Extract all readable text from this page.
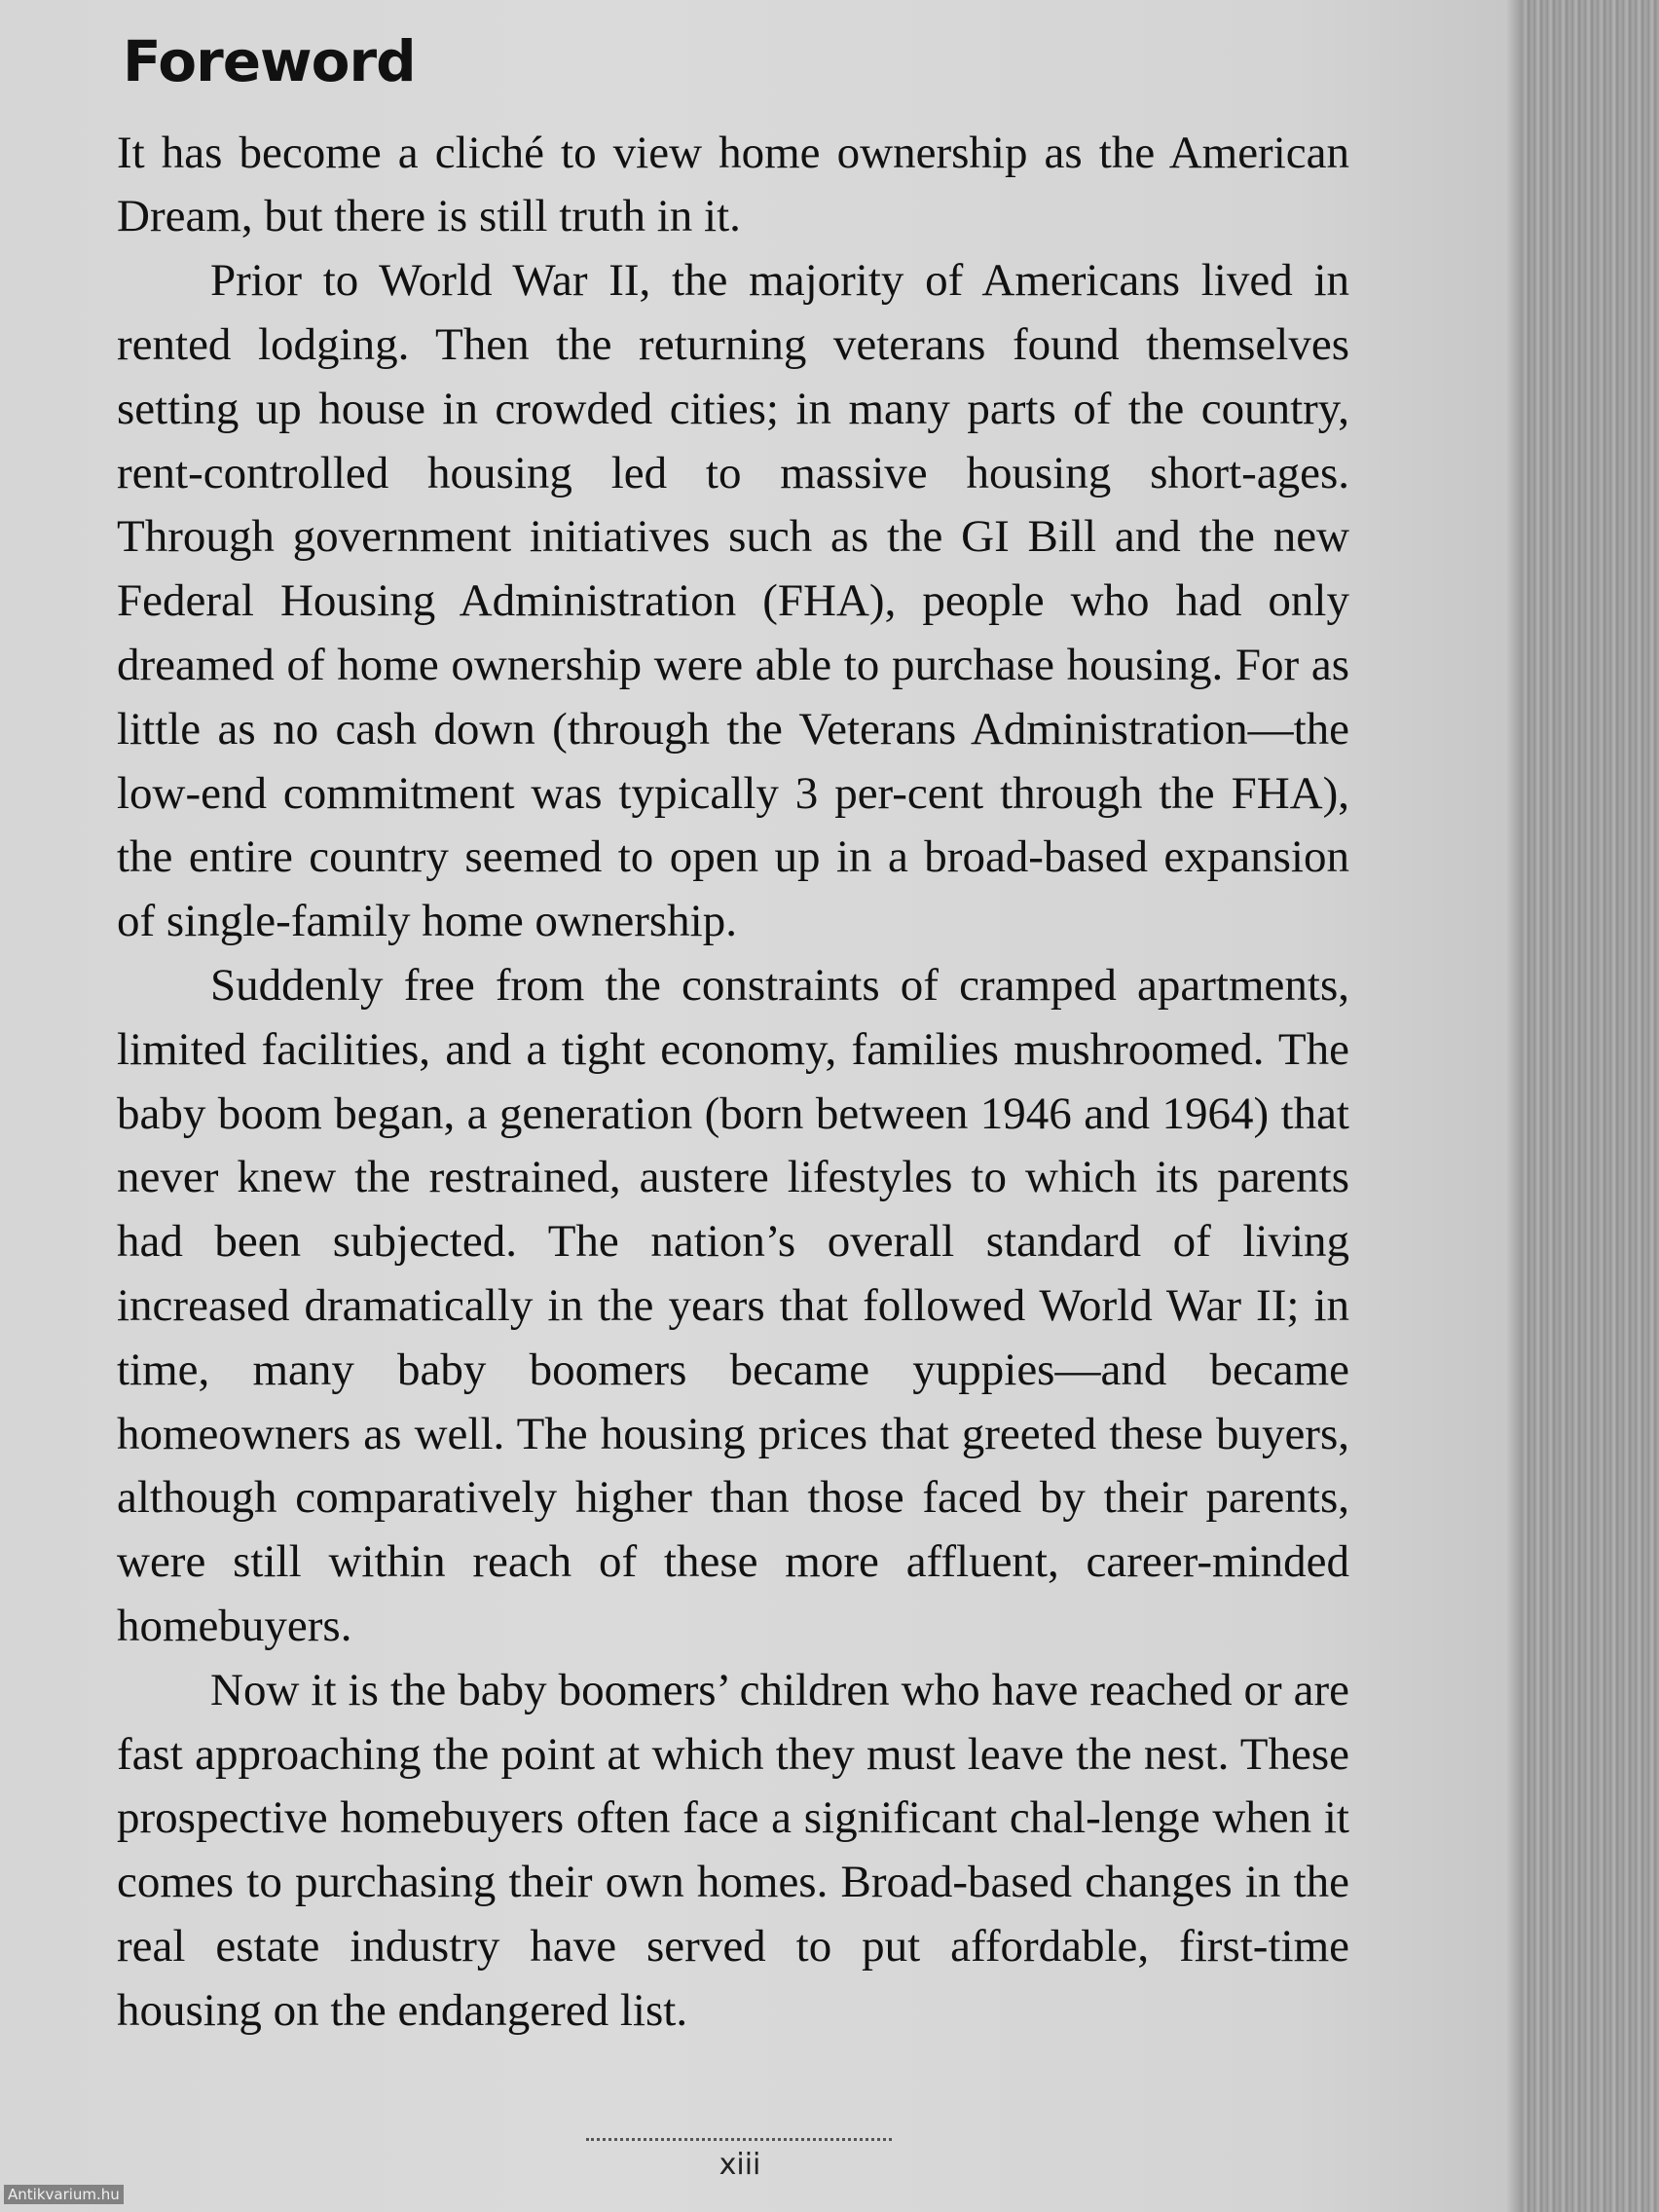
Foreword

It has become a cliché to view home ownership as the American Dream, but there is still truth in it.

Prior to World War II, the majority of Americans lived in rented lodging. Then the returning veterans found themselves setting up house in crowded cities; in many parts of the country, rent-controlled housing led to massive housing short-ages. Through government initiatives such as the GI Bill and the new Federal Housing Administration (FHA), people who had only dreamed of home ownership were able to purchase housing. For as little as no cash down (through the Veterans Administration—the low-end commitment was typically 3 per-cent through the FHA), the entire country seemed to open up in a broad-based expansion of single-family home ownership.

Suddenly free from the constraints of cramped apartments, limited facilities, and a tight economy, families mushroomed. The baby boom began, a generation (born between 1946 and 1964) that never knew the restrained, austere lifestyles to which its parents had been subjected. The nation’s overall standard of living increased dramatically in the years that followed World War II; in time, many baby boomers became yuppies—and became homeowners as well. The housing prices that greeted these buyers, although comparatively higher than those faced by their parents, were still within reach of these more affluent, career-minded homebuyers.

Now it is the baby boomers’ children who have reached or are fast approaching the point at which they must leave the nest. These prospective homebuyers often face a significant chal-lenge when it comes to purchasing their own homes. Broad-based changes in the real estate industry have served to put affordable, first-time housing on the endangered list.

xiii
Antikvarium.hu
